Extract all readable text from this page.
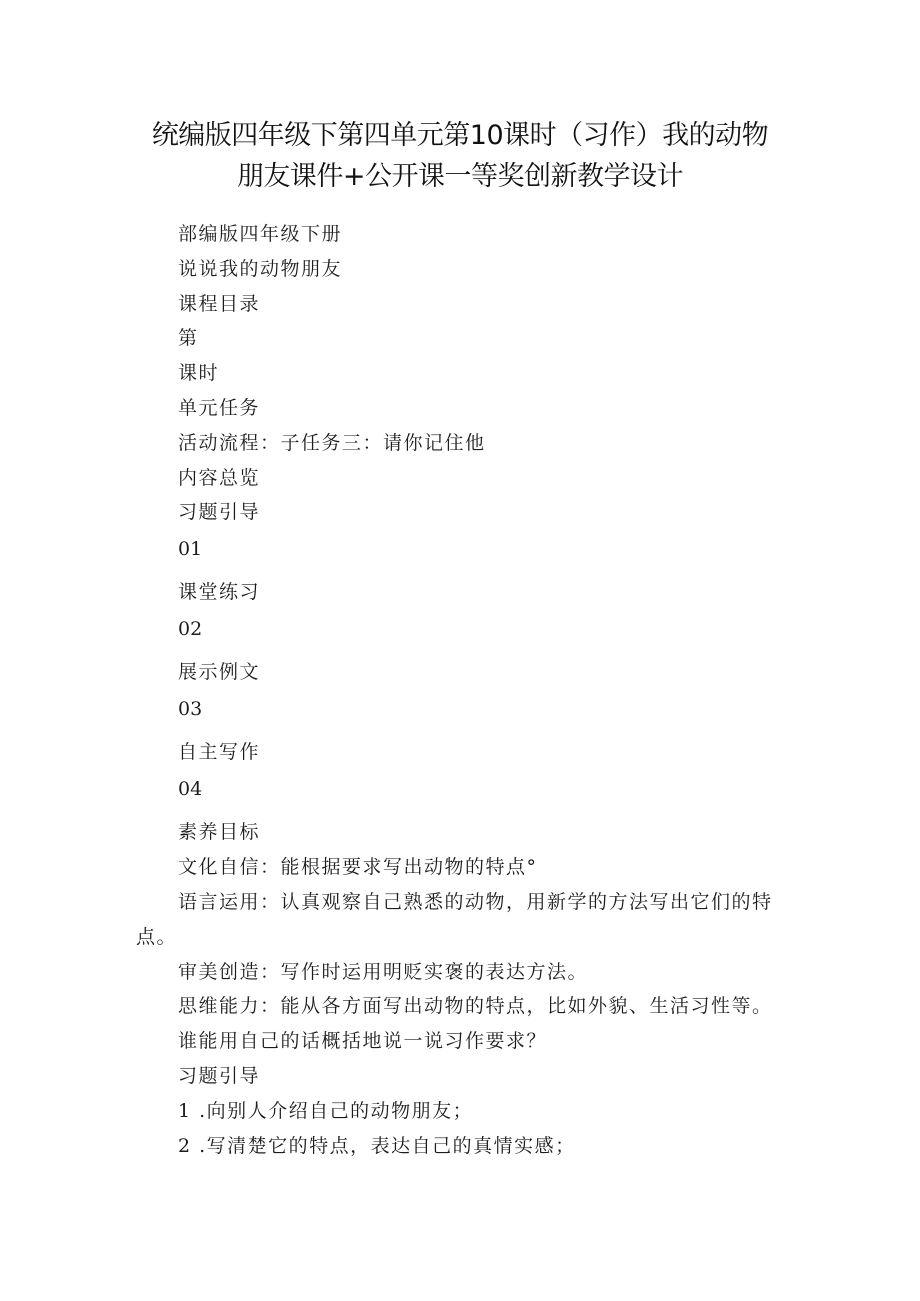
统编版四年级下第四单元第10课时（习作）我的动物
朋友课件+公开课一等奖创新教学设计

部编版四年级下册

说说我的动物朋友

课程目录

第

课时

单元任务

活动流程：子任务三：请你记住他

内容总览

习题引导

01

课堂练习

02

展示例文

03

自主写作

04

素养目标

文化自信：能根据要求写出动物的特点°

语言运用：认真观察自己熟悉的动物，用新学的方法写出它们的特

点。

审美创造：写作时运用明贬实褒的表达方法。

思维能力：能从各方面写出动物的特点，比如外貌、生活习性等。

谁能用自己的话概括地说一说习作要求？

习题引导

1 .向别人介绍自己的动物朋友；

2 .写清楚它的特点，表达自己的真情实感；
